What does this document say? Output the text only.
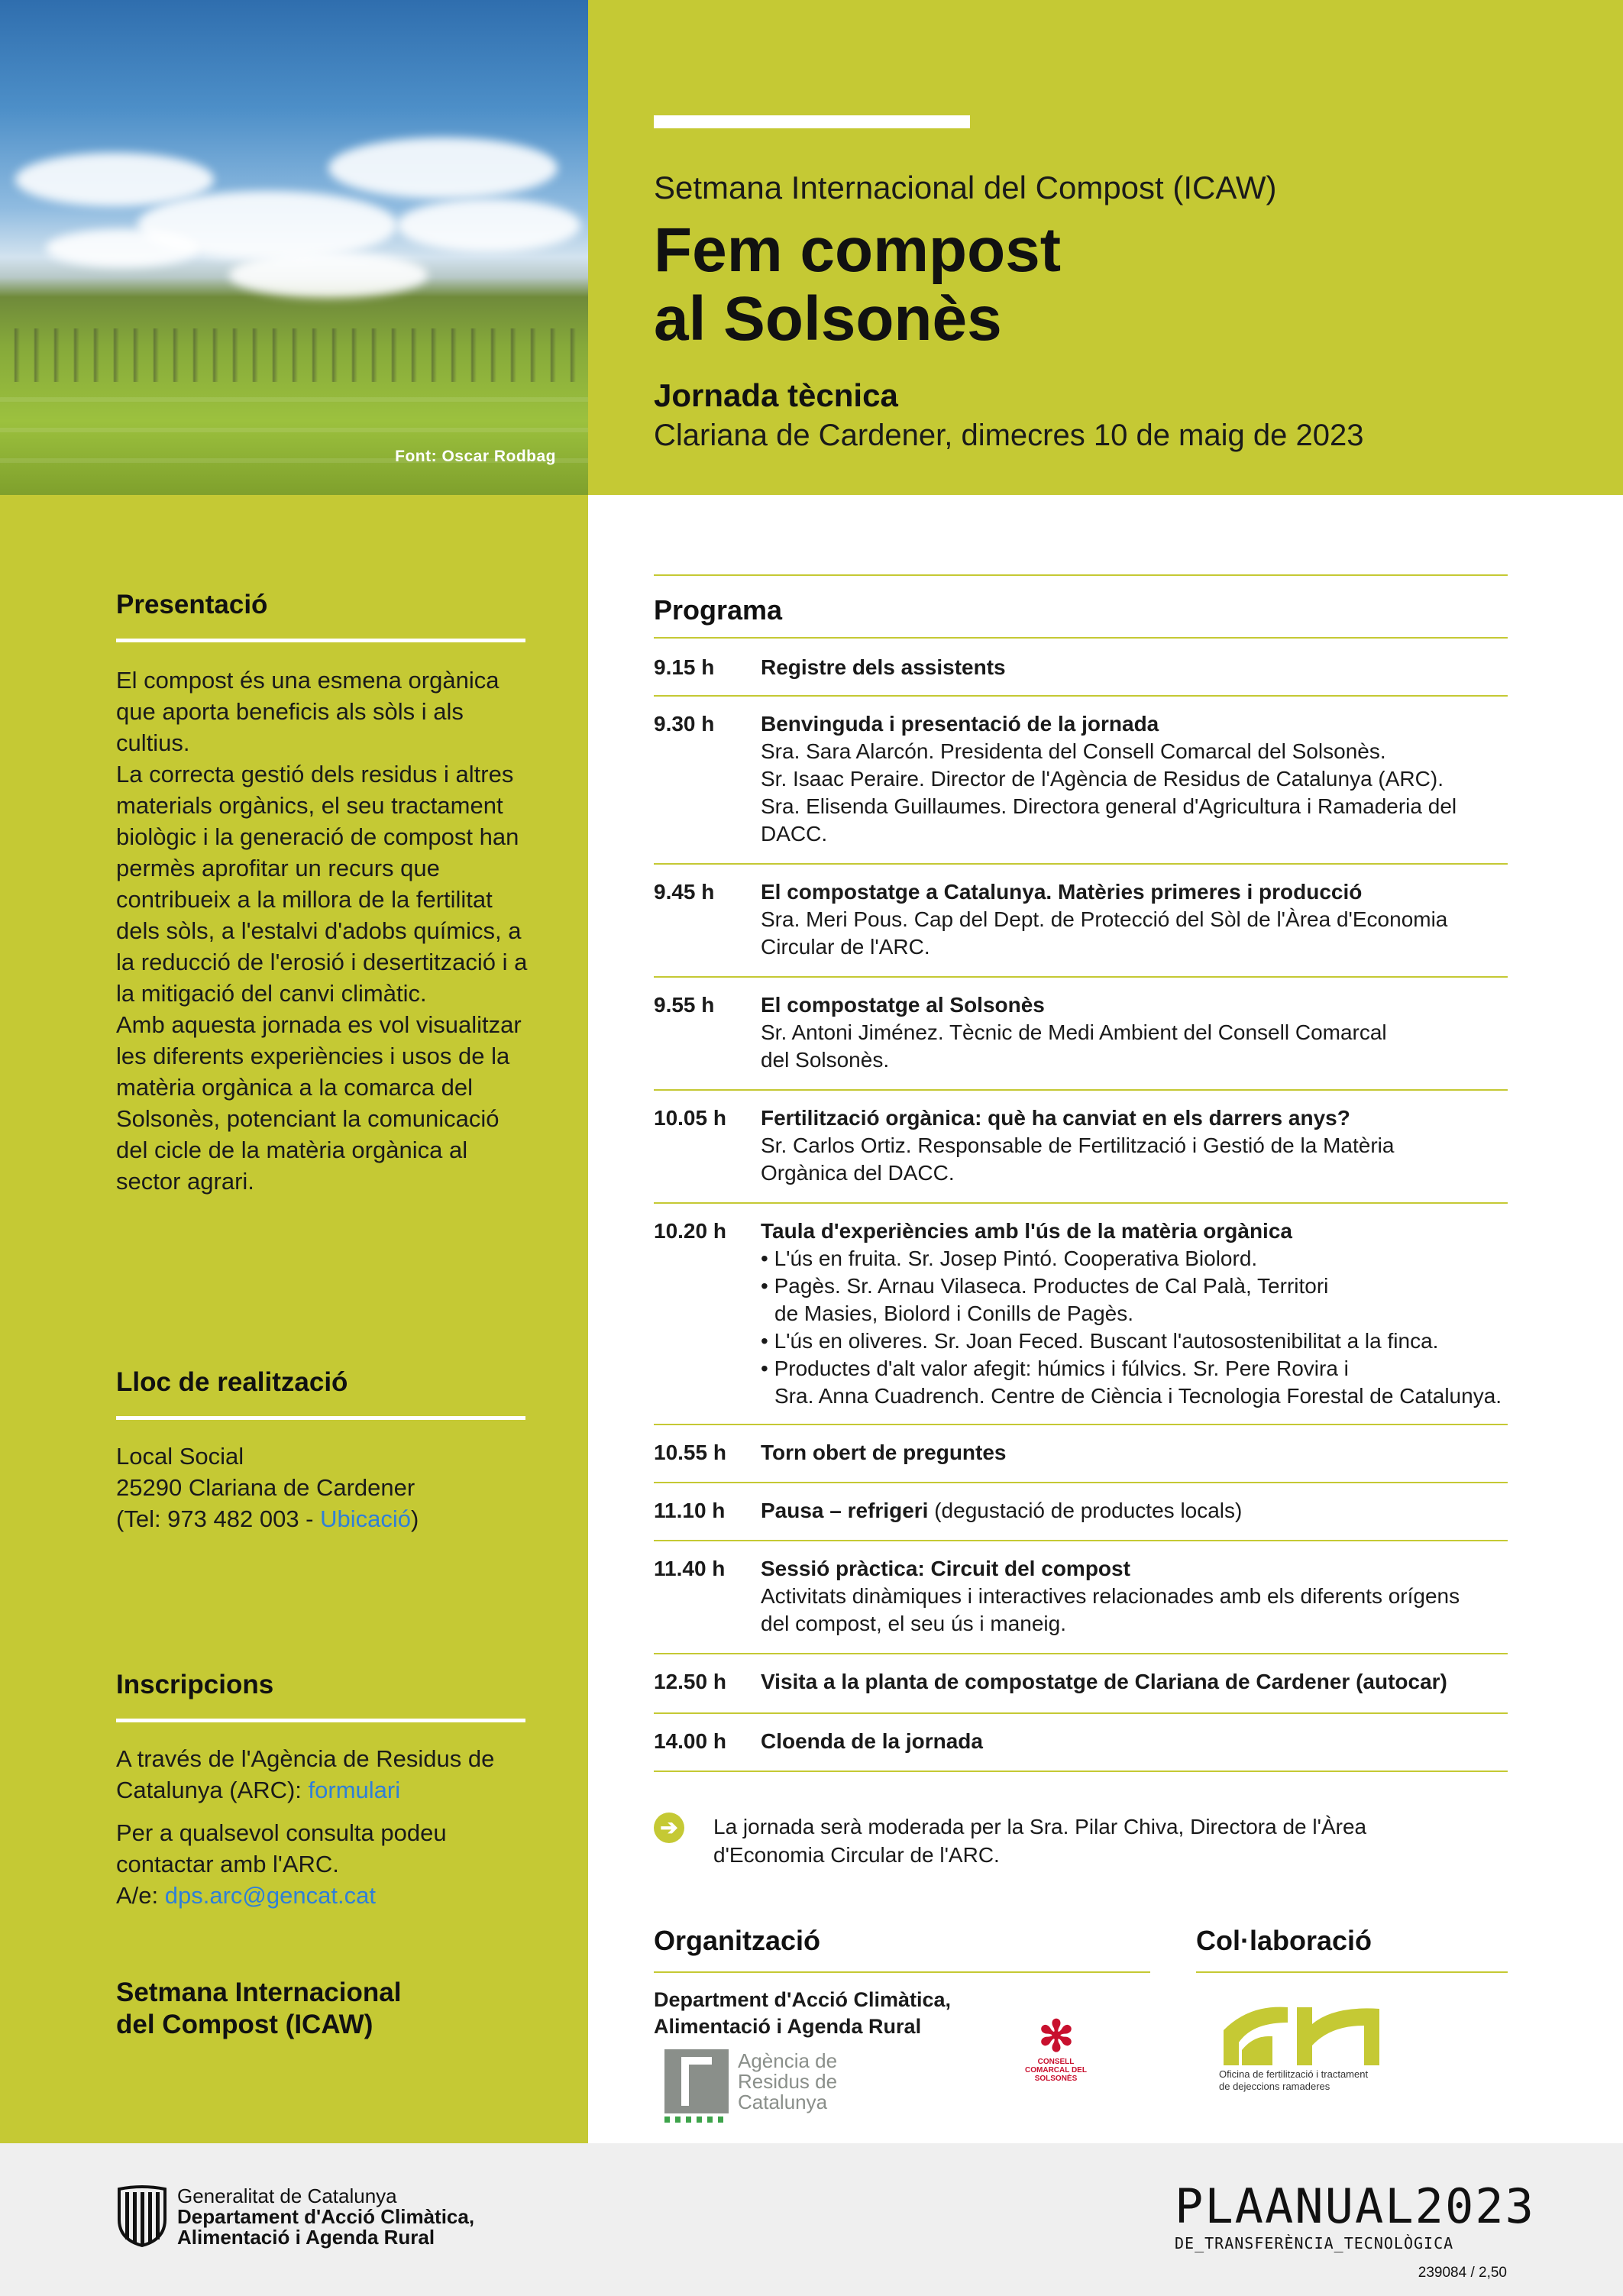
Font: Oscar Rodbag
Setmana Internacional del Compost (ICAW)
Fem compost
al Solsonès
Jornada tècnica
Clariana de Cardener, dimecres 10 de maig de 2023
Presentació

El compost és una esmena orgànica que aporta beneficis als sòls i als cultius.

La correcta gestió dels residus i altres materials orgànics, el seu tractament biològic i la generació de compost han permès aprofitar un recurs que contribueix a la millora de la fertilitat dels sòls, a l'estalvi d'adobs químics, a la reducció de l'erosió i desertització i a la mitigació del canvi climàtic.

Amb aquesta jornada es vol visualitzar les diferents experiències i usos de la matèria orgànica a la comarca del Solsonès, potenciant la comunicació del cicle de la matèria orgànica al sector agrari.

Lloc de realització
Local Social
25290 Clariana de Cardener
(Tel: 973 482 003 - Ubicació)
Inscripcions

A través de l'Agència de Residus de Catalunya (ARC): formulari

Per a qualsevol consulta podeu contactar amb l'ARC.

A/e: dps.arc@gencat.cat
Setmana Internacional
del Compost (ICAW)
Programa
9.15 h Registre dels assistents
9.30 h Benvinguda i presentació de la jornada
Sra. Sara Alarcón. Presidenta del Consell Comarcal del Solsonès.
Sr. Isaac Peraire. Director de l'Agència de Residus de Catalunya (ARC).
Sra. Elisenda Guillaumes. Directora general d'Agricultura i Ramaderia del
DACC.
9.45 h El compostatge a Catalunya. Matèries primeres i producció
Sra. Meri Pous. Cap del Dept. de Protecció del Sòl de l'Àrea d'Economia
Circular de l'ARC.
9.55 h El compostatge al Solsonès
Sr. Antoni Jiménez. Tècnic de Medi Ambient del Consell Comarcal
del Solsonès.
10.05 h Fertilització orgànica: què ha canviat en els darrers anys?
Sr. Carlos Ortiz. Responsable de Fertilització i Gestió de la Matèria
Orgànica del DACC.
10.20 h Taula d'experiències amb l'ús de la matèria orgànica
• L'ús en fruita. Sr. Josep Pintó. Cooperativa Biolord.
• Pagès. Sr. Arnau Vilaseca. Productes de Cal Palà, Territori
de Masies, Biolord i Conills de Pagès.
• L'ús en oliveres. Sr. Joan Feced. Buscant l'autosostenibilitat a la finca.
• Productes d'alt valor afegit: húmics i fúlvics. Sr. Pere Rovira i
Sra. Anna Cuadrench. Centre de Ciència i Tecnologia Forestal de Catalunya.
10.55 h Torn obert de preguntes
11.10 h Pausa – refrigeri (degustació de productes locals)
11.40 h Sessió pràctica: Circuit del compost
Activitats dinàmiques i interactives relacionades amb els diferents orígens
del compost, el seu ús i maneig.
12.50 h Visita a la planta de compostatge de Clariana de Cardener (autocar)
14.00 h Cloenda de la jornada
➔ La jornada serà moderada per la Sra. Pilar Chiva, Directora de l'Àrea
d'Economia Circular de l'ARC.
Organització
Department d'Acció Climàtica,
Alimentació i Agenda Rural
Agència de
Residus de
Catalunya
✻
CONSELL COMARCAL DEL SOLSONÈS
Col·laboració
Oficina de fertilització i tractament
de dejeccions ramaderes
Generalitat de Catalunya
Departament d'Acció Climàtica,
Alimentació i Agenda Rural
PLAANUAL2023
DE_TRANSFERÈNCIA_TECNOLÒGICA
239084 / 2,50
